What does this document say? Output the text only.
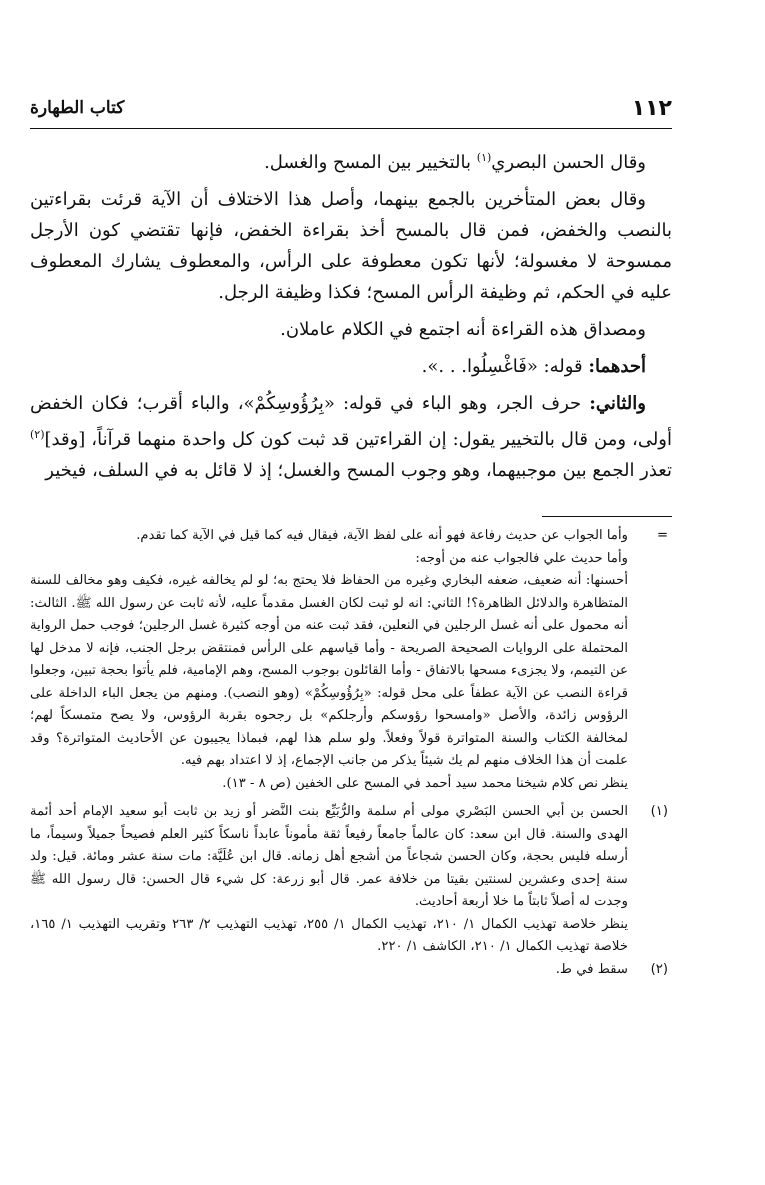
١١٢
كتاب الطهارة

وقال الحسن البصري$^{(١)}$ بالتخيير بين المسح والغسل.

وقال بعض المتأخرين بالجمع بينهما، وأصل هذا الاختلاف أن الآية قرئت بقراءتين بالنصب والخفض، فمن قال بالمسح أخذ بقراءة الخفض، فإنها تقتضي كون الأرجل ممسوحة لا مغسولة؛ لأنها تكون معطوفة على الرأس، والمعطوف يشارك المعطوف عليه في الحكم، ثم وظيفة الرأس المسح؛ فكذا وظيفة الرجل.

ومصداق هذه القراءة أنه اجتمع في الكلام عاملان.

أحدهما: قوله: «فَاغْسِلُوا. . .».

والثاني: حرف الجر، وهو الباء في قوله: «بِرُؤُوسِكُمْ»، والباء أقرب؛ فكان الخفض أولى، ومن قال بالتخيير يقول: إن القراءتين قد ثبت كون كل واحدة منهما قرآناً، [وقد]$^{(٢)}$ تعذر الجمع بين موجبيهما، وهو وجوب المسح والغسل؛ إذ لا قائل به في السلف، فيخير

=

وأما الجواب عن حديث رفاعة فهو أنه على لفظ الآية، فيقال فيه كما قيل في الآية كما تقدم.

وأما حديث علي فالجواب عنه من أوجه:

أحسنها: أنه ضعيف، ضعفه البخاري وغيره من الحفاظ فلا يحتج به؛ لو لم يخالفه غيره، فكيف وهو مخالف للسنة المتظاهرة والدلائل الظاهرة؟! الثاني: انه لو ثبت لكان الغسل مقدماً عليه، لأنه ثابت عن رسول الله ﷺ. الثالث: أنه محمول على أنه غسل الرجلين في النعلين، فقد ثبت عنه من أوجه كثيرة غسل الرجلين؛ فوجب حمل الرواية المحتملة على الروايات الصحيحة الصريحة - وأما قياسهم على الرأس فمنتقض برجل الجنب، فإنه لا مدخل لها عن التيمم، ولا يجزىء مسحها بالاتفاق - وأما القائلون بوجوب المسح، وهم الإمامية، فلم يأتوا بحجة تبين، وجعلوا قراءة النصب عن الآية عطفاً على محل قوله: «بِرُؤُوسِكُمْ» (وهو النصب). ومنهم من يجعل الباء الداخلة على الرؤوس زائدة، والأصل «وامسحوا رؤوسكم وأرجلكم» بل رجحوه بقربة الرؤوس، ولا يصح متمسكاً لهم؛ لمخالفة الكتاب والسنة المتواترة قولاً وفعلاً. ولو سلم هذا لهم، فبماذا يجيبون عن الأحاديث المتواترة؟ وقد علمت أن هذا الخلاف منهم لم يك شيئاً يذكر من جانب الإجماع، إذ لا اعتداد بهم فيه.

ينظر نص كلام شيخنا محمد سيد أحمد في المسح على الخفين (ص ٨ - ١٣).

(١)

الحسن بن أبي الحسن البَصْري مولى أم سلمة والرُّبَيِّع بنت النَّضر أو زيد بن ثابت أبو سعيد الإمام أحد أئمة الهدى والسنة. قال ابن سعد: كان عالماً جامعاً رفيعاً ثقة مأموناً عابداً ناسكاً كثير العلم فصيحاً جميلاً وسيماً، ما أرسله فليس بحجة، وكان الحسن شجاعاً من أشجع أهل زمانه. قال ابن عُلَيَّة: مات سنة عشر ومائة. قيل: ولد سنة إحدى وعشرين لسنتين بقيتا من خلافة عمر. قال أبو زرعة: كل شيء قال الحسن: قال رسول الله ﷺ وجدت له أصلاً ثابتاً ما خلا أربعة أحاديث.

ينظر خلاصة تهذيب الكمال ١/ ٢١٠، تهذيب الكمال ١/ ٢٥٥، تهذيب التهذيب ٢/ ٢٦٣ وتقريب التهذيب ١/ ١٦٥، خلاصة تهذيب الكمال ١/ ٢١٠، الكاشف ١/ ٢٢٠.

(٢)

سقط في ط.
